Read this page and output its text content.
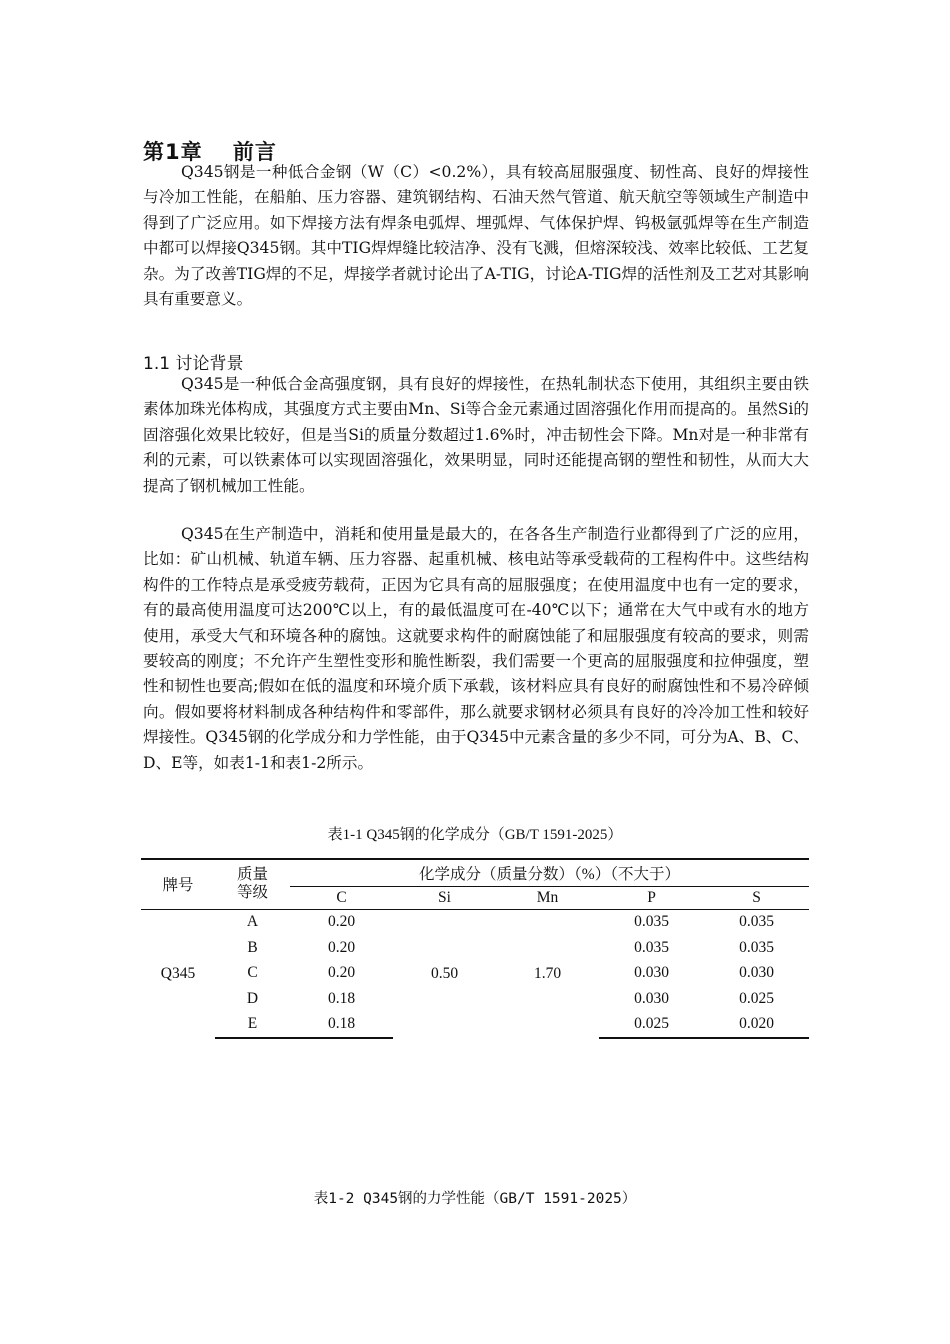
第1章　 前言

Q345钢是一种低合金钢（W（C）<0.2%），具有较高屈服强度、韧性高、良好的焊接性与冷加工性能，在船舶、压力容器、建筑钢结构、石油天然气管道、航天航空等领域生产制造中得到了广泛应用。如下焊接方法有焊条电弧焊、埋弧焊、气体保护焊、钨极氩弧焊等在生产制造中都可以焊接Q345钢。其中TIG焊焊缝比较洁净、没有飞溅，但熔深较浅、效率比较低、工艺复杂。为了改善TIG焊的不足，焊接学者就讨论出了A-TIG，讨论A-TIG焊的活性剂及工艺对其影响具有重要意义。

1.1 讨论背景

Q345是一种低合金高强度钢，具有良好的焊接性，在热轧制状态下使用，其组织主要由铁素体加珠光体构成，其强度方式主要由Mn、Si等合金元素通过固溶强化作用而提高的。虽然Si的固溶强化效果比较好，但是当Si的质量分数超过1.6%时，冲击韧性会下降。Mn对是一种非常有利的元素，可以铁素体可以实现固溶强化，效果明显，同时还能提高钢的塑性和韧性，从而大大提高了钢机械加工性能。

Q345在生产制造中，消耗和使用量是最大的，在各各生产制造行业都得到了广泛的应用，比如：矿山机械、轨道车辆、压力容器、起重机械、核电站等承受载荷的工程构件中。这些结构构件的工作特点是承受疲劳载荷，正因为它具有高的屈服强度；在使用温度中也有一定的要求，有的最高使用温度可达200℃以上，有的最低温度可在-40℃以下；通常在大气中或有水的地方使用，承受大气和环境各种的腐蚀。这就要求构件的耐腐蚀能了和屈服强度有较高的要求，则需要较高的刚度；不允许产生塑性变形和脆性断裂，我们需要一个更高的屈服强度和拉伸强度，塑性和韧性也要高;假如在低的温度和环境介质下承载，该材料应具有良好的耐腐蚀性和不易冷碎倾向。假如要将材料制成各种结构件和零部件，那么就要求钢材必须具有良好的冷冷加工性和较好焊接性。Q345钢的化学成分和力学性能，由于Q345中元素含量的多少不同，可分为A、B、C、D、E等，如表1-1和表1-2所示。

表1-1 Q345钢的化学成分（GB/T 1591-2025）
牌号	质量
等级	化学成分（质量分数）（%）（不大于）				
		C	Si	Mn	P	S
Q345	A	0.20	0.50	1.70	0.035	0.035
	B	0.20			0.035	0.035
	C	0.20			0.030	0.030
	D	0.18			0.030	0.025
	E	0.18			0.025	0.020
表1-2 Q345钢的力学性能（GB/T 1591-2025）
